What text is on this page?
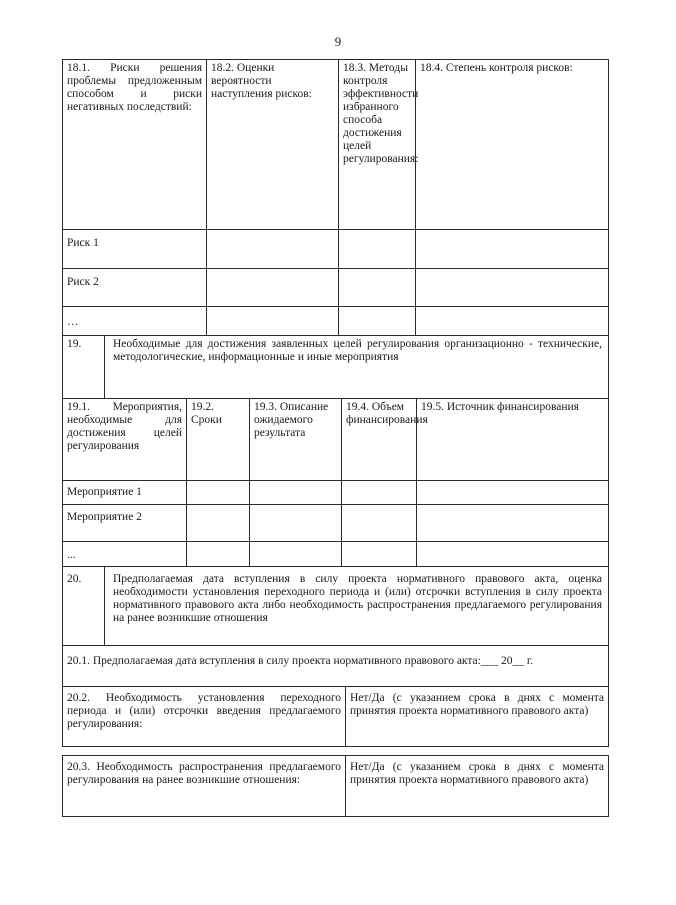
9
18.1. Риски решения проблемы предложенным способом и риски негативных последствий:
18.2. Оценки вероятности наступления рисков:
18.3. Методы контроля эффективности избранного способа достижения целей регулирования:
18.4. Степень контроля рисков:
Риск 1
Риск 2
…
19.	Необходимые для достижения заявленных целей регулирования организационно - технические, методологические, информационные и иные мероприятия
19.1. Мероприятия, необходимые для достижения целей регулирования
19.2. Сроки
19.3. Описание ожидаемого результата
19.4. Объем финансирования
19.5. Источник финансирования
Мероприятие 1
Мероприятие 2
...
20.	Предполагаемая дата вступления в силу проекта нормативного правового акта, оценка необходимости установления переходного периода и (или) отсрочки вступления в силу проекта нормативного правового акта либо необходимость распространения предлагаемого регулирования на ранее возникшие отношения
20.1. Предполагаемая дата вступления в силу проекта нормативного правового акта:___ 20__ г.
20.2. Необходимость установления переходного периода и (или) отсрочки введения предлагаемого регулирования:
Нет/Да (с указанием срока в днях с момента принятия проекта нормативного правового акта)
20.3. Необходимость распространения предлагаемого регулирования на ранее возникшие отношения:
Нет/Да (с указанием срока в днях с момента принятия проекта нормативного правового акта)
